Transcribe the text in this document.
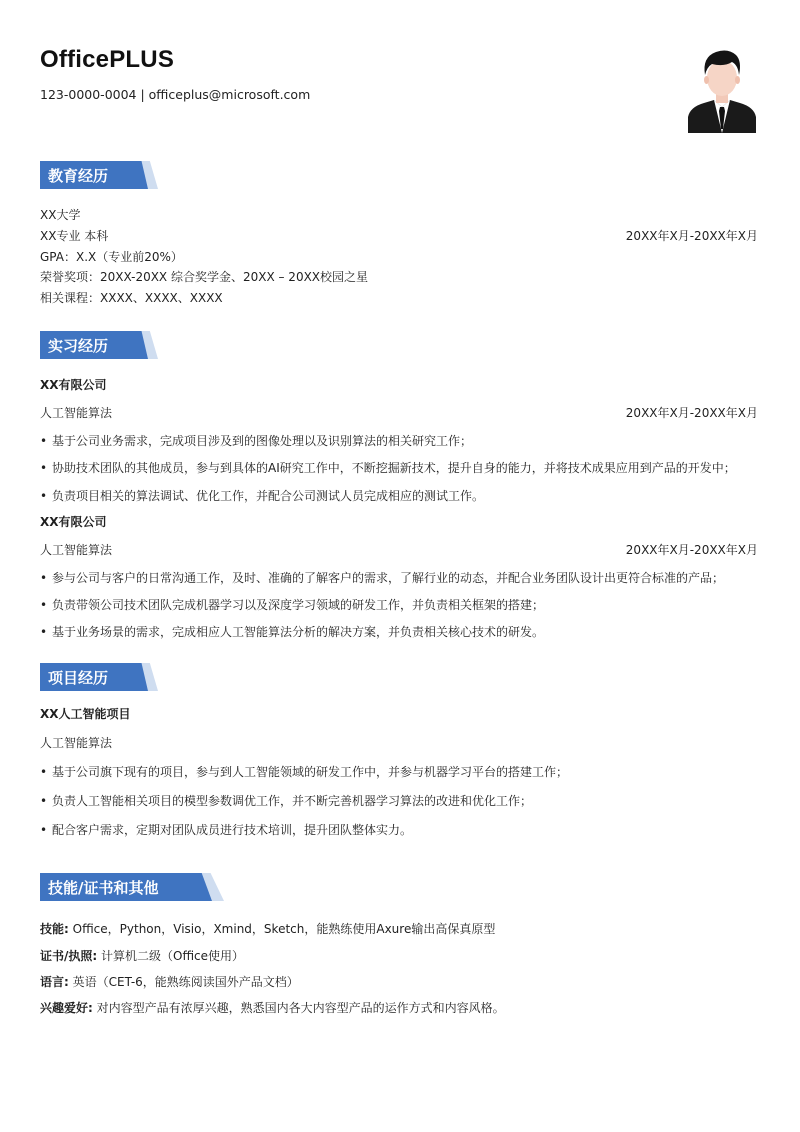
OfficePLUS
123-0000-0004 | officeplus@microsoft.com
教育经历
XX大学
XX专业 本科	20XX年X月-20XX年X月
GPA：X.X（专业前20%）
荣誉奖项：20XX-20XX 综合奖学金、20XX – 20XX校园之星
相关课程：XXXX、XXXX、XXXX
实习经历
XX有限公司
人工智能算法	20XX年X月-20XX年X月
• 基于公司业务需求，完成项目涉及到的图像处理以及识别算法的相关研究工作；
• 协助技术团队的其他成员，参与到具体的AI研究工作中，不断挖掘新技术，提升自身的能力，并将技术成果应用到产品的开发中；
• 负责项目相关的算法调试、优化工作，并配合公司测试人员完成相应的测试工作。
XX有限公司
人工智能算法	20XX年X月-20XX年X月
• 参与公司与客户的日常沟通工作，及时、准确的了解客户的需求，了解行业的动态，并配合业务团队设计出更符合标准的产品；
• 负责带领公司技术团队完成机器学习以及深度学习领域的研发工作，并负责相关框架的搭建；
• 基于业务场景的需求，完成相应人工智能算法分析的解决方案，并负责相关核心技术的研发。
项目经历
XX人工智能项目
人工智能算法
• 基于公司旗下现有的项目，参与到人工智能领域的研发工作中，并参与机器学习平台的搭建工作；
• 负责人工智能相关项目的模型参数调优工作，并不断完善机器学习算法的改进和优化工作；
• 配合客户需求，定期对团队成员进行技术培训，提升团队整体实力。
技能/证书和其他
技能: Office，Python，Visio，Xmind，Sketch，能熟练使用Axure输出高保真原型
证书/执照: 计算机二级（Office使用）
语言: 英语（CET-6，能熟练阅读国外产品文档）
兴趣爱好: 对内容型产品有浓厚兴趣，熟悉国内各大内容型产品的运作方式和内容风格。
